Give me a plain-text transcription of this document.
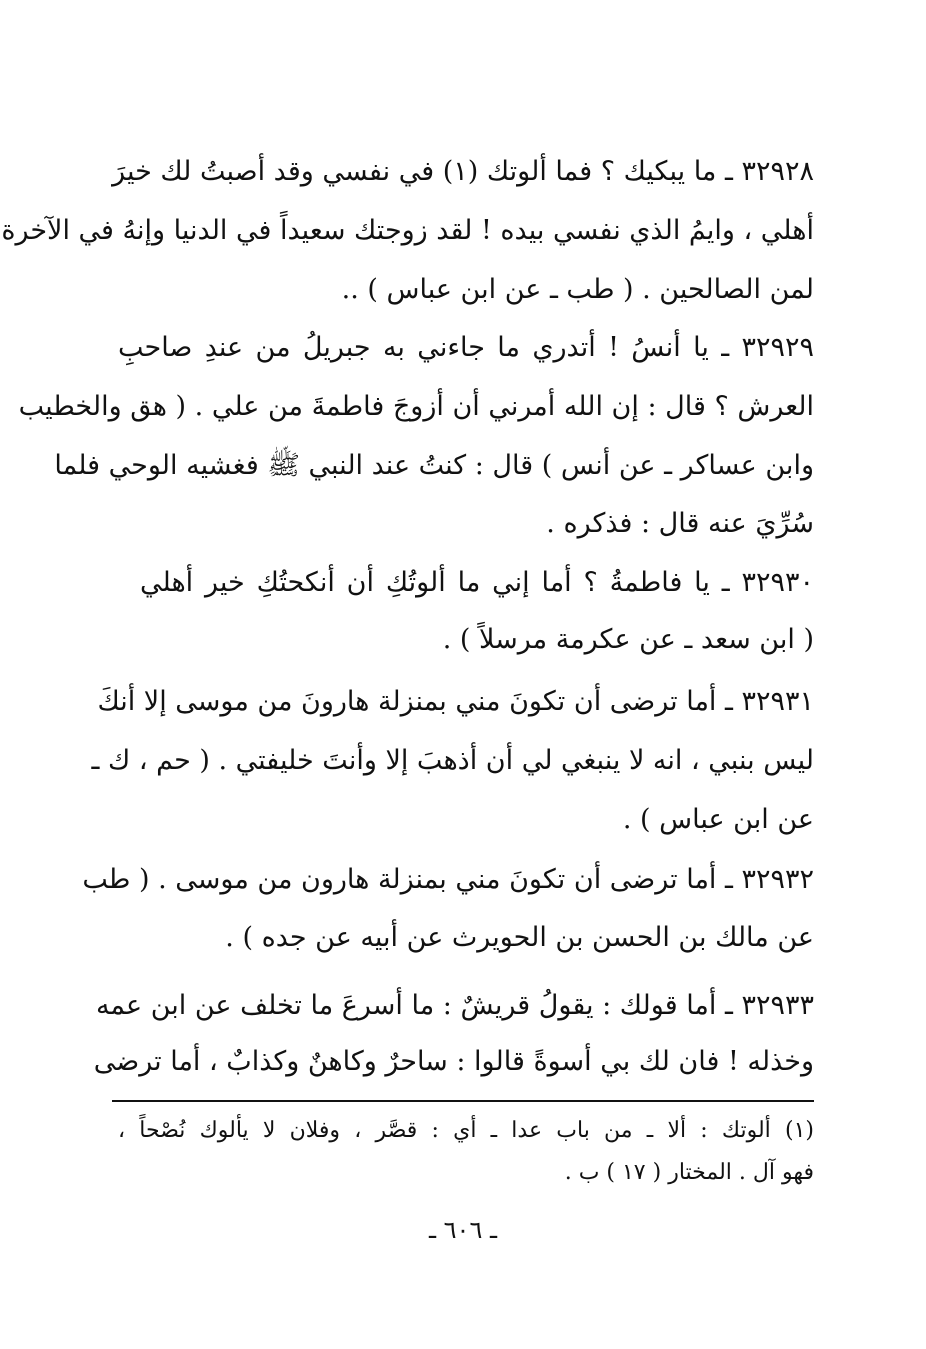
٣٢٩٢٨ ـ ما يبكيك ؟ فما ألوتك (١) في نفسي وقد أصبتُ لك خيرَ
أهلي ، وايمُ الذي نفسي بيده ! لقد زوجتك سعيداً في الدنيا وإنهُ في الآخرة
لمن الصالحين . ( طب ـ عن ابن عباس ) ..
٣٢٩٢٩ ـ يا أنسُ ! أتدري ما جاءني به جبريلُ من عندِ صاحبِ
العرش ؟ قال : إن الله أمرني أن أزوجَ فاطمةَ من علي . ( هق والخطيب
وابن عساكر ـ عن أنس ) قال : كنتُ عند النبي ﷺ فغشيه الوحي فلما
سُرِّيَ عنه قال : فذكره .
٣٢٩٣٠ ـ يا فاطمةُ ؟ أما إني ما ألوتُكِ أن أنكحتُكِ خير أهلي
( ابن سعد ـ عن عكرمة مرسلاً ) .
٣٢٩٣١ ـ أما ترضى أن تكونَ مني بمنزلة هارونَ من موسى إلا أنكَ
ليس بنبي ، انه لا ينبغي لي أن أذهبَ إلا وأنتَ خليفتي . ( حم ، ك ـ
عن ابن عباس ) .
٣٢٩٣٢ ـ أما ترضى أن تكونَ مني بمنزلة هارون من موسى . ( طب
عن مالك بن الحسن بن الحويرث عن أبيه عن جده ) .
٣٢٩٣٣ ـ أما قولك : يقولُ قريشٌ : ما أسرعَ ما تخلف عن ابن عمه
وخذله ! فان لك بي أسوةً قالوا : ساحرٌ وكاهنٌ وكذابٌ ، أما ترضى
(١) ألوتك : ألا ـ من باب عدا ـ أي : قصَّر ، وفلان لا يألوك نُصْحاً ،
فهو آل . المختار ( ١٧ ) ب .
ـ ٦٠٦ ـ
